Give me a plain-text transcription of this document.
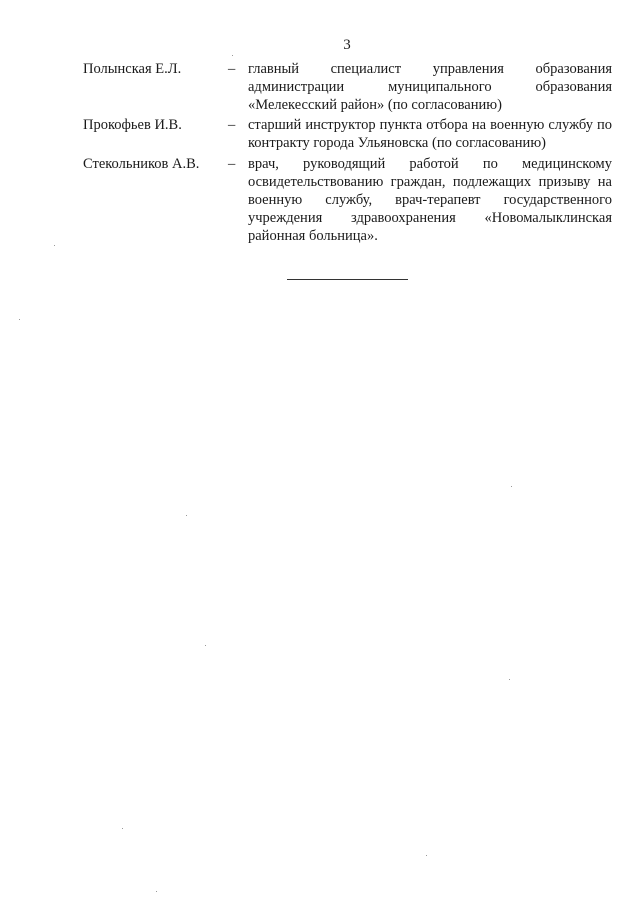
3
Полынская Е.Л.	– главный специалист управления образования администрации муниципального образования «Мелекесский район» (по согласованию)
Прокофьев И.В.	– старший инструктор пункта отбора на военную службу по контракту города Ульяновска (по согласованию)
Стекольников А.В. – врач, руководящий работой по медицинскому освидетельствованию граждан, подлежащих призыву на военную службу, врач-терапевт государственного учреждения здравоохранения «Новомалыклинская районная больница».
